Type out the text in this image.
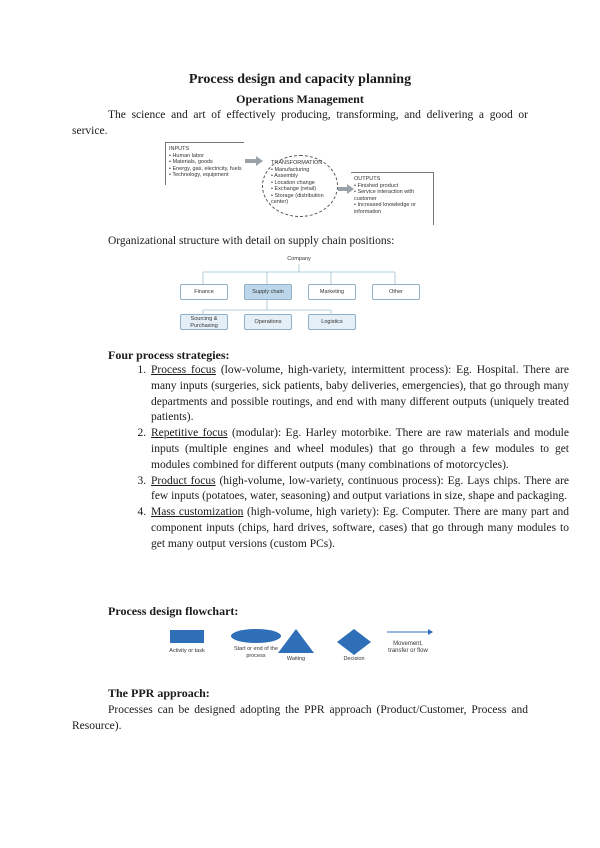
Process design and capacity planning
Operations Management
The science and art of effectively producing, transforming, and delivering a good or service.
INPUTS
• Human labor
• Materials, goods
• Energy, gas, electricity, fuels
• Technology, equipment
TRANSFORMATION
• Manufacturing
• Assembly
• Location change
• Exchange (retail)
• Storage (distribution center)
OUTPUTS
• Finished product
• Service interaction with customer
• Increased knowledge or information
Organizational structure with detail on supply chain positions:
Company
Finance	Supply chain	Marketing	Other
Sourcing & Purchasing
Operations	Logistics
Four process strategies:
1. Process focus (low-volume, high-variety, intermittent process): Eg. Hospital. There are many inputs (surgeries, sick patients, baby deliveries, emergencies), that go through many departments and possible routings, and end with many different outputs (uniquely treated patients).
2. Repetitive focus (modular): Eg. Harley motorbike. There are raw materials and module inputs (multiple engines and wheel modules) that go through a few modules to get modules combined for different outputs (many combinations of motorcycles).
3. Product focus (high-volume, low-variety, continuous process): Eg. Lays chips. There are few inputs (potatoes, water, seasoning) and output variations in size, shape and packaging.
4. Mass customization (high-volume, high variety): Eg. Computer. There are many part and component inputs (chips, hard drives, software, cases) that go through many modules to get many output versions (custom PCs).
Process design flowchart:
Activity or task	Start or end of the process
Waiting	Decision
Movement, transfer or flow
The PPR approach:
Processes can be designed adopting the PPR approach (Product/Customer, Process and Resource).
